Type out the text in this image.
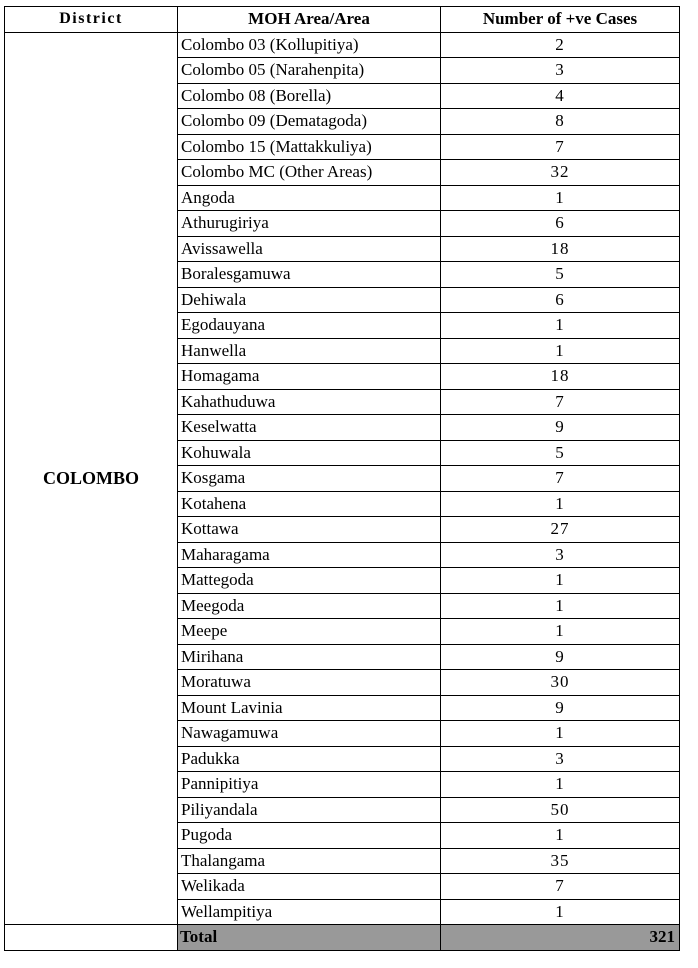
District	MOH Area/Area	Number of +ve Cases
COLOMBO	Colombo 03 (Kollupitiya)	2
	Colombo 05 (Narahenpita)	3
	Colombo 08 (Borella)	4
	Colombo 09 (Dematagoda)	8
	Colombo 15 (Mattakkuliya)	7
	Colombo MC (Other Areas)	32
	Angoda	1
	Athurugiriya	6
	Avissawella	18
	Boralesgamuwa	5
	Dehiwala	6
	Egodauyana	1
	Hanwella	1
	Homagama	18
	Kahathuduwa	7
	Keselwatta	9
	Kohuwala	5
	Kosgama	7
	Kotahena	1
	Kottawa	27
	Maharagama	3
	Mattegoda	1
	Meegoda	1
	Meepe	1
	Mirihana	9
	Moratuwa	30
	Mount Lavinia	9
	Nawagamuwa	1
	Padukka	3
	Pannipitiya	1
	Piliyandala	50
	Pugoda	1
	Thalangama	35
	Welikada	7
	Wellampitiya	1
	Total	321
